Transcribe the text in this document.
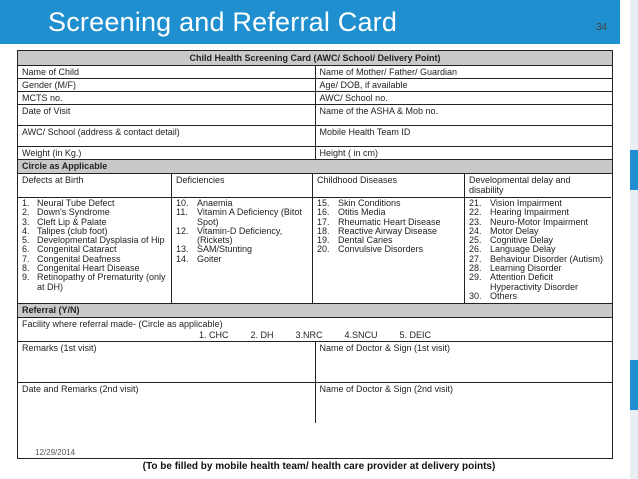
Screening and Referral Card	34
Child Health Screening Card (AWC/ School/ Delivery Point)
Name of Child	Name of Mother/ Father/ Guardian
Gender (M/F)	Age/ DOB, if available
MCTS no.	AWC/ School no.
Date of Visit	Name of the ASHA & Mob no.
AWC/ School (address & contact detail)	Mobile Health Team ID
Weight (in Kg.)	Height ( in cm)
Circle as Applicable
Defects at Birth
1. Neural Tube Defect
2. Down's Syndrome
3. Cleft Lip & Palate
4. Talipes (club foot)
5. Developmental Dysplasia of Hip
6. Congenital Cataract
7. Congenital Deafness
8. Congenital Heart Disease
9. Retinopathy of Prematurity (only at DH)
Deficiencies
10. Anaemia
11.	Vitamin A Deficiency (Bitot Spot)
12. Vitamin-D Deficiency, (Rickets)
13. SAM/Stunting
14. Goiter
Childhood Diseases
15. Skin Conditions
16. Otitis Media
17. Rheumatic Heart Disease
18. Reactive Airway Disease
19. Dental Caries
20. Convulsive Disorders
Developmental delay and disability
21. Vision Impairment
22. Hearing Impairment
23. Neuro-Motor Impairment
24. Motor Delay
25. Cognitive Delay
26. Language Delay
27. Behaviour Disorder (Autism)
28. Learning Disorder
29. Attention Deficit Hyperactivity Disorder
30. Others
Referral (Y/N)
Facility where referral made- (Circle as applicable)
1. CHC 2. DH 3.NRC 4.SNCU 5. DEIC
Remarks (1st visit)	Name of Doctor & Sign (1st visit)
Date and Remarks (2nd visit)	Name of Doctor & Sign (2nd visit)
12/29/2014
(To be filled by mobile health team/ health care provider at delivery points)
